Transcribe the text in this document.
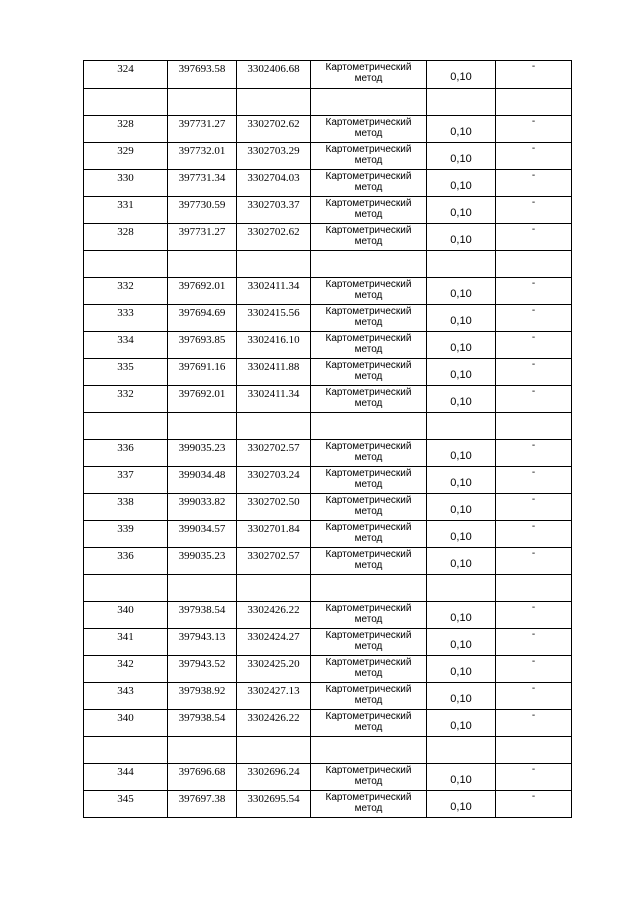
324	397693.58	3302406.68	Картометрический метод	0,10	-

328	397731.27	3302702.62	Картометрический метод	0,10	-

329	397732.01	3302703.29	Картометрический метод	0,10	-

330	397731.34	3302704.03	Картометрический метод	0,10	-

331	397730.59	3302703.37	Картометрический метод	0,10	-

328	397731.27	3302702.62	Картометрический метод	0,10	-

332	397692.01	3302411.34	Картометрический метод	0,10	-

333	397694.69	3302415.56	Картометрический метод	0,10	-

334	397693.85	3302416.10	Картометрический метод	0,10	-

335	397691.16	3302411.88	Картометрический метод	0,10	-

332	397692.01	3302411.34	Картометрический метод	0,10	-

336	399035.23	3302702.57	Картометрический метод	0,10	-

337	399034.48	3302703.24	Картометрический метод	0,10	-

338	399033.82	3302702.50	Картометрический метод	0,10	-

339	399034.57	3302701.84	Картометрический метод	0,10	-

336	399035.23	3302702.57	Картометрический метод	0,10	-

340	397938.54	3302426.22	Картометрический метод	0,10	-

341	397943.13	3302424.27	Картометрический метод	0,10	-

342	397943.52	3302425.20	Картометрический метод	0,10	-

343	397938.92	3302427.13	Картометрический метод	0,10	-

340	397938.54	3302426.22	Картометрический метод	0,10	-

344	397696.68	3302696.24	Картометрический метод	0,10	-

345	397697.38	3302695.54	Картометрический метод	0,10	-
